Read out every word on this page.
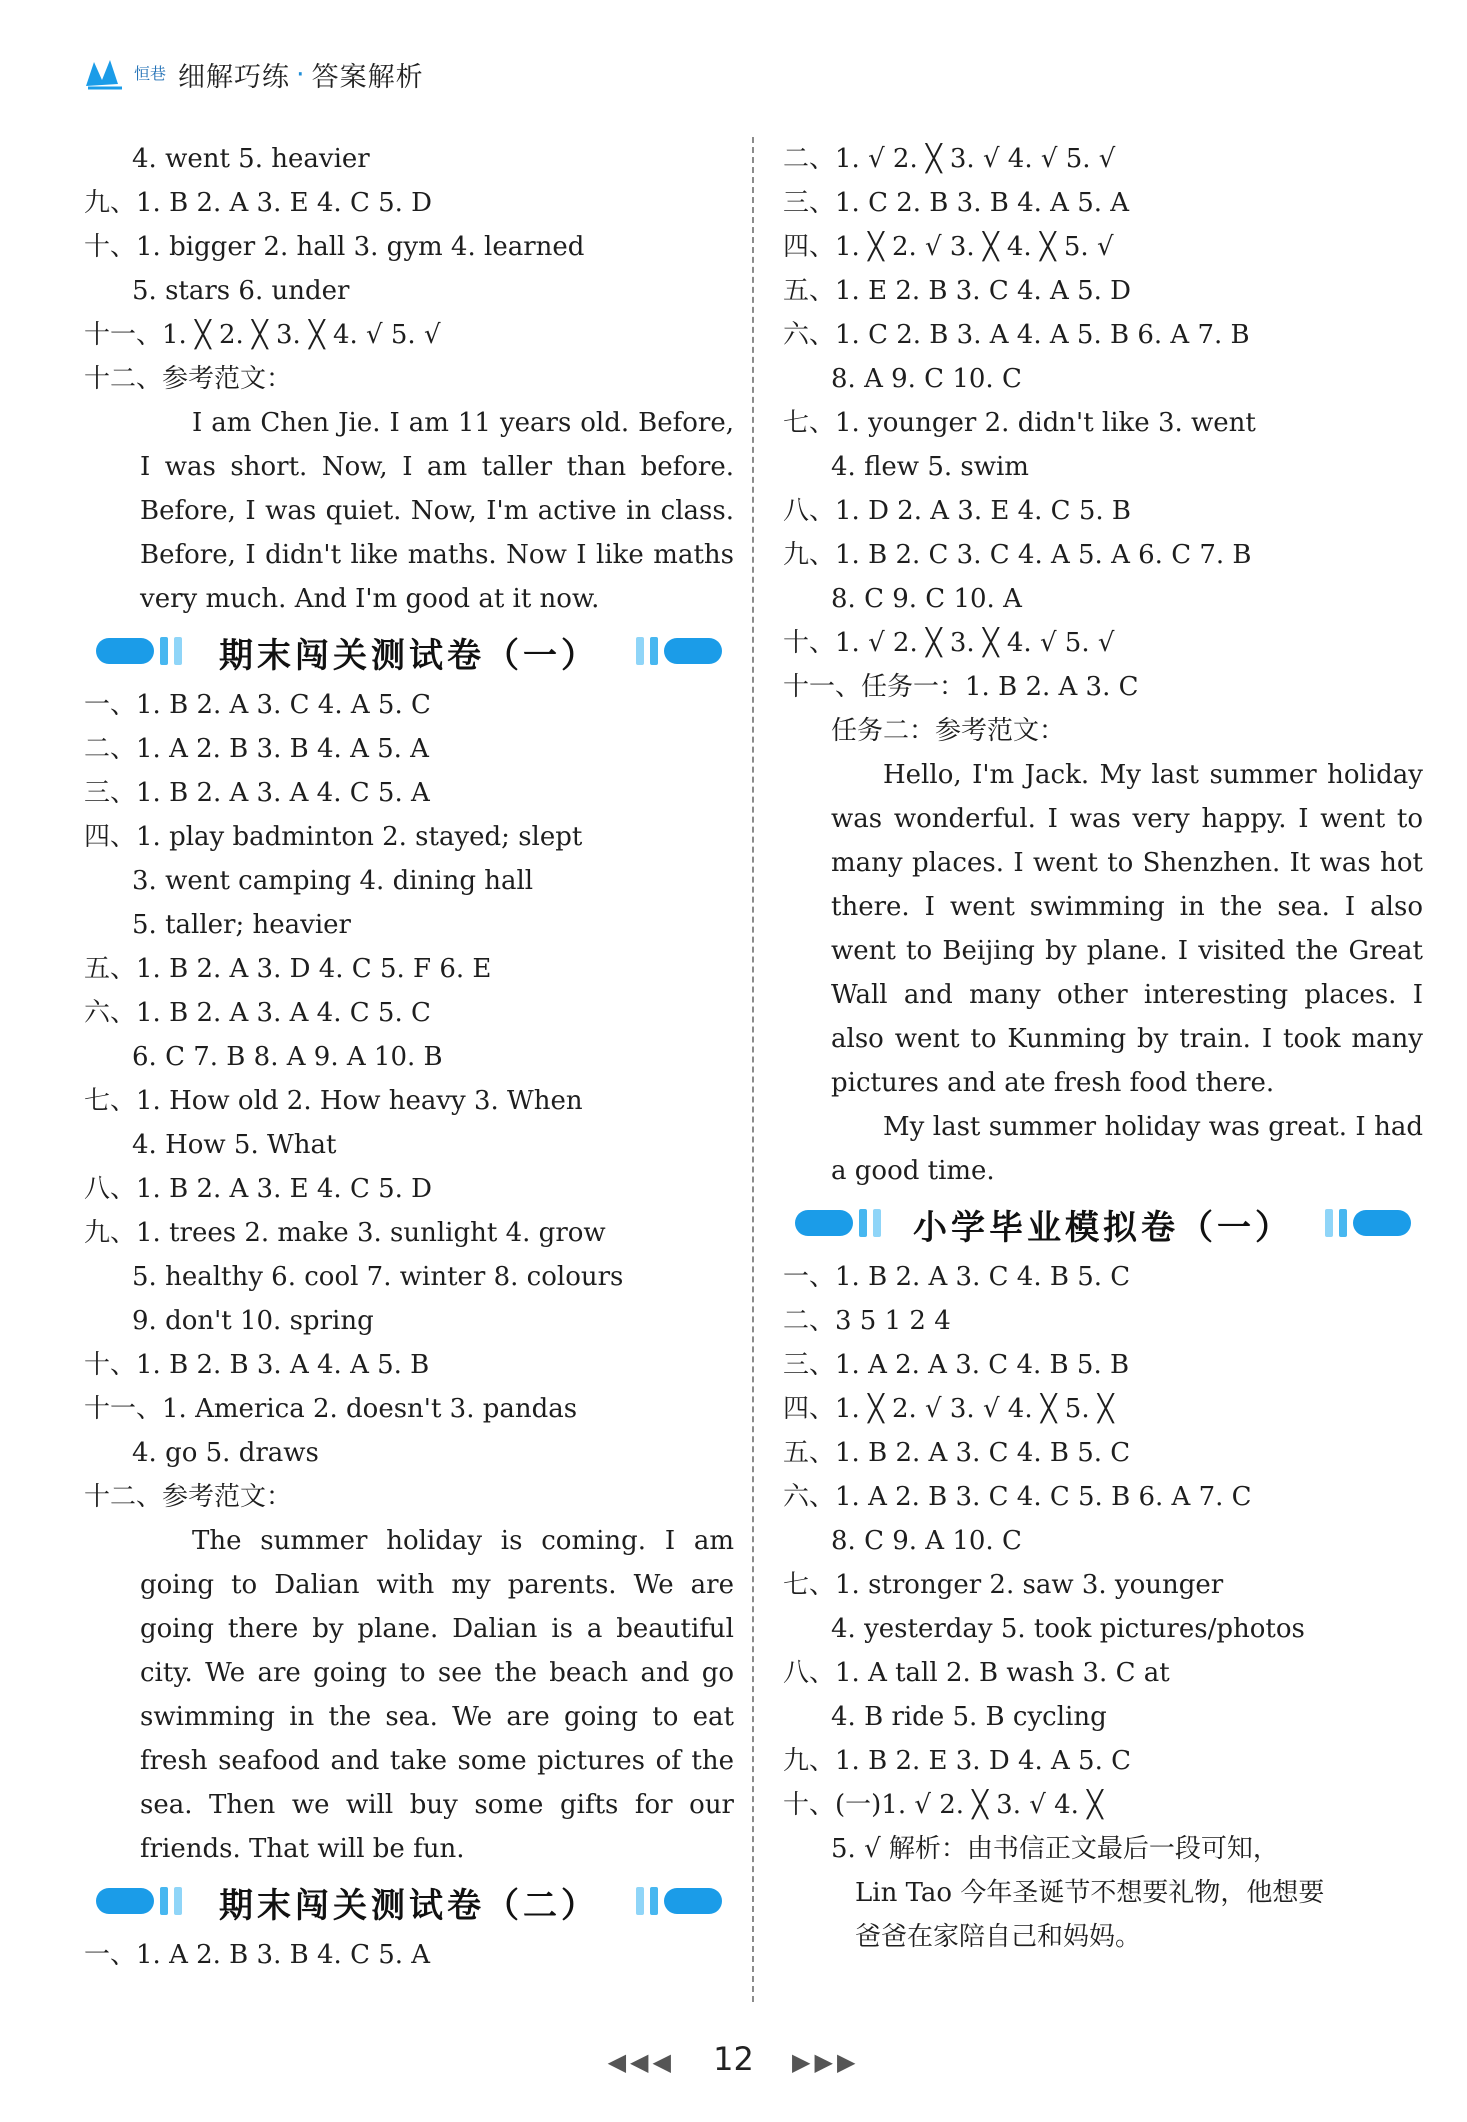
恒巷 细解巧练 · 答案解析
4. went 5. heavier
九、1. B 2. A 3. E 4. C 5. D
十、1. bigger 2. hall 3. gym 4. learned
5. stars 6. under
十一、1. ╳ 2. ╳ 3. ╳ 4. √ 5. √
十二、参考范文：

I am Chen Jie. I am 11 years old. Before, I was short. Now, I am taller than before. Before, I was quiet. Now, I'm active in class. Before, I didn't like maths. Now I like maths very much. And I'm good at it now.

期末闯关测试卷（一）
一、1. B 2. A 3. C 4. A 5. C
二、1. A 2. B 3. B 4. A 5. A
三、1. B 2. A 3. A 4. C 5. A
四、1. play badminton 2. stayed; slept
3. went camping 4. dining hall
5. taller; heavier
五、1. B 2. A 3. D 4. C 5. F 6. E
六、1. B 2. A 3. A 4. C 5. C
6. C 7. B 8. A 9. A 10. B
七、1. How old 2. How heavy 3. When
4. How 5. What
八、1. B 2. A 3. E 4. C 5. D
九、1. trees 2. make 3. sunlight 4. grow
5. healthy 6. cool 7. winter 8. colours
9. don't 10. spring
十、1. B 2. B 3. A 4. A 5. B
十一、1. America 2. doesn't 3. pandas
4. go 5. draws
十二、参考范文：

The summer holiday is coming. I am going to Dalian with my parents. We are going there by plane. Dalian is a beautiful city. We are going to see the beach and go swimming in the sea. We are going to eat fresh seafood and take some pictures of the sea. Then we will buy some gifts for our friends. That will be fun.

期末闯关测试卷（二）
一、1. A 2. B 3. B 4. C 5. A
二、1. √ 2. ╳ 3. √ 4. √ 5. √
三、1. C 2. B 3. B 4. A 5. A
四、1. ╳ 2. √ 3. ╳ 4. ╳ 5. √
五、1. E 2. B 3. C 4. A 5. D
六、1. C 2. B 3. A 4. A 5. B 6. A 7. B
8. A 9. C 10. C
七、1. younger 2. didn't like 3. went
4. flew 5. swim
八、1. D 2. A 3. E 4. C 5. B
九、1. B 2. C 3. C 4. A 5. A 6. C 7. B
8. C 9. C 10. A
十、1. √ 2. ╳ 3. ╳ 4. √ 5. √
十一、任务一：1. B 2. A 3. C
任务二：参考范文：

Hello, I'm Jack. My last summer holiday was wonderful. I was very happy. I went to many places. I went to Shenzhen. It was hot there. I went swimming in the sea. I also went to Beijing by plane. I visited the Great Wall and many other interesting places. I also went to Kunming by train. I took many pictures and ate fresh food there.

My last summer holiday was great. I had a good time.

小学毕业模拟卷（一）
一、1. B 2. A 3. C 4. B 5. C
二、3 5 1 2 4
三、1. A 2. A 3. C 4. B 5. B
四、1. ╳ 2. √ 3. √ 4. ╳ 5. ╳
五、1. B 2. A 3. C 4. B 5. C
六、1. A 2. B 3. C 4. C 5. B 6. A 7. C
8. C 9. A 10. C
七、1. stronger 2. saw 3. younger
4. yesterday 5. took pictures/photos
八、1. A tall 2. B wash 3. C at
4. B ride 5. B cycling
九、1. B 2. E 3. D 4. A 5. C
十、(一)1. √ 2. ╳ 3. √ 4. ╳
5. √ 解析：由书信正文最后一段可知，
Lin Tao 今年圣诞节不想要礼物，他想要
爸爸在家陪自己和妈妈。
◀◀◀ 12 ▶▶▶
